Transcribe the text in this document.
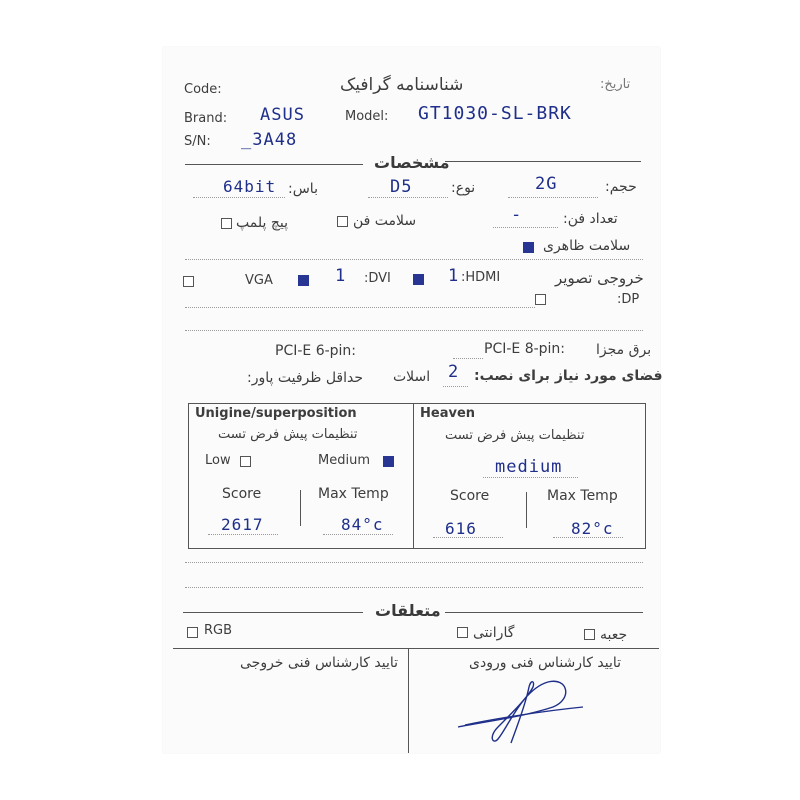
Code:	شناسنامه گرافیک	تاریخ:
Brand: ASUS	Model: GT1030-SL-BRK
S/N: _3A48
مشخصات
حجم:
2G
نوع:
D5
باس:
64bit
تعداد فن:
-
سلامت فن
پیچ پلمپ
سلامت ظاهری
خروجی تصویر
:HDMI
1
:DVI
1
VGA
:DP
برق مجزا
PCI-E 8-pin:
PCI-E 6-pin:
فضای مورد نیاز برای نصب:
2
اسلات
حداقل ظرفیت پاور:
Unigine/superposition
تنظیمات پیش فرض تست
Low	Medium
Score	Max Temp
2617	84°c
Heaven
تنظیمات پیش فرض تست
medium
Score	Max Temp
616	82°c
متعلقات
RGB	گارانتی	جعبه
تایید کارشناس فنی خروجی	تایید کارشناس فنی ورودی
